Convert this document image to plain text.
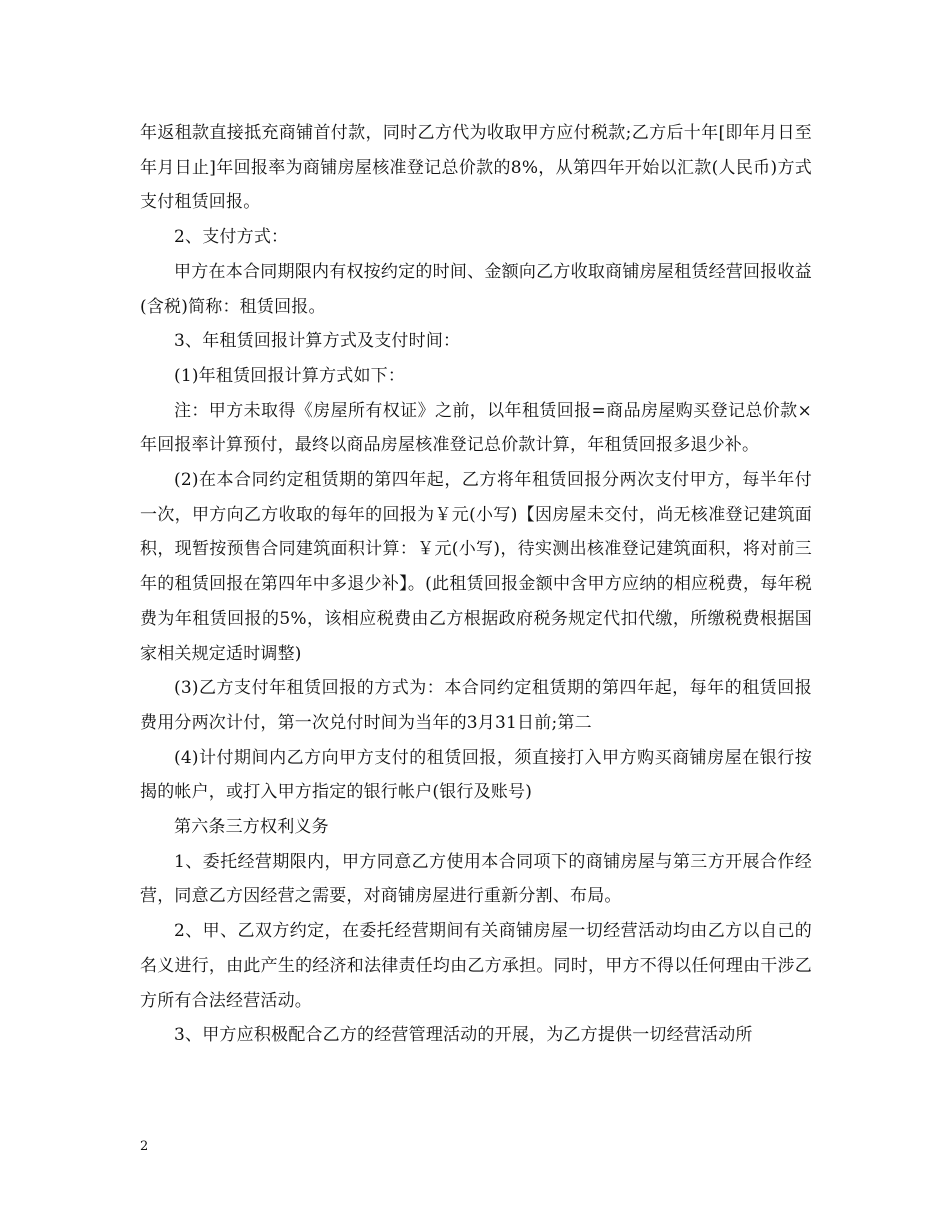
年返租款直接抵充商铺首付款，同时乙方代为收取甲方应付税款;乙方后十年[即年月日至年月日止]年回报率为商铺房屋核准登记总价款的8%，从第四年开始以汇款(人民币)方式支付租赁回报。

2、支付方式：

甲方在本合同期限内有权按约定的时间、金额向乙方收取商铺房屋租赁经营回报收益(含税)简称：租赁回报。

3、年租赁回报计算方式及支付时间：

(1)年租赁回报计算方式如下：

注：甲方未取得《房屋所有权证》之前，以年租赁回报=商品房屋购买登记总价款×年回报率计算预付，最终以商品房屋核准登记总价款计算，年租赁回报多退少补。

(2)在本合同约定租赁期的第四年起，乙方将年租赁回报分两次支付甲方，每半年付一次，甲方向乙方收取的每年的回报为￥元(小写)【因房屋未交付，尚无核准登记建筑面积，现暂按预售合同建筑面积计算：￥元(小写)，待实测出核准登记建筑面积，将对前三年的租赁回报在第四年中多退少补】。(此租赁回报金额中含甲方应纳的相应税费，每年税费为年租赁回报的5%，该相应税费由乙方根据政府税务规定代扣代缴，所缴税费根据国家相关规定适时调整)

(3)乙方支付年租赁回报的方式为：本合同约定租赁期的第四年起，每年的租赁回报费用分两次计付，第一次兑付时间为当年的3月31日前;第二

(4)计付期间内乙方向甲方支付的租赁回报，须直接打入甲方购买商铺房屋在银行按揭的帐户，或打入甲方指定的银行帐户(银行及账号)

第六条三方权利义务

1、委托经营期限内，甲方同意乙方使用本合同项下的商铺房屋与第三方开展合作经营，同意乙方因经营之需要，对商铺房屋进行重新分割、布局。

2、甲、乙双方约定，在委托经营期间有关商铺房屋一切经营活动均由乙方以自己的名义进行，由此产生的经济和法律责任均由乙方承担。同时，甲方不得以任何理由干涉乙方所有合法经营活动。

3、甲方应积极配合乙方的经营管理活动的开展，为乙方提供一切经营活动所

2
